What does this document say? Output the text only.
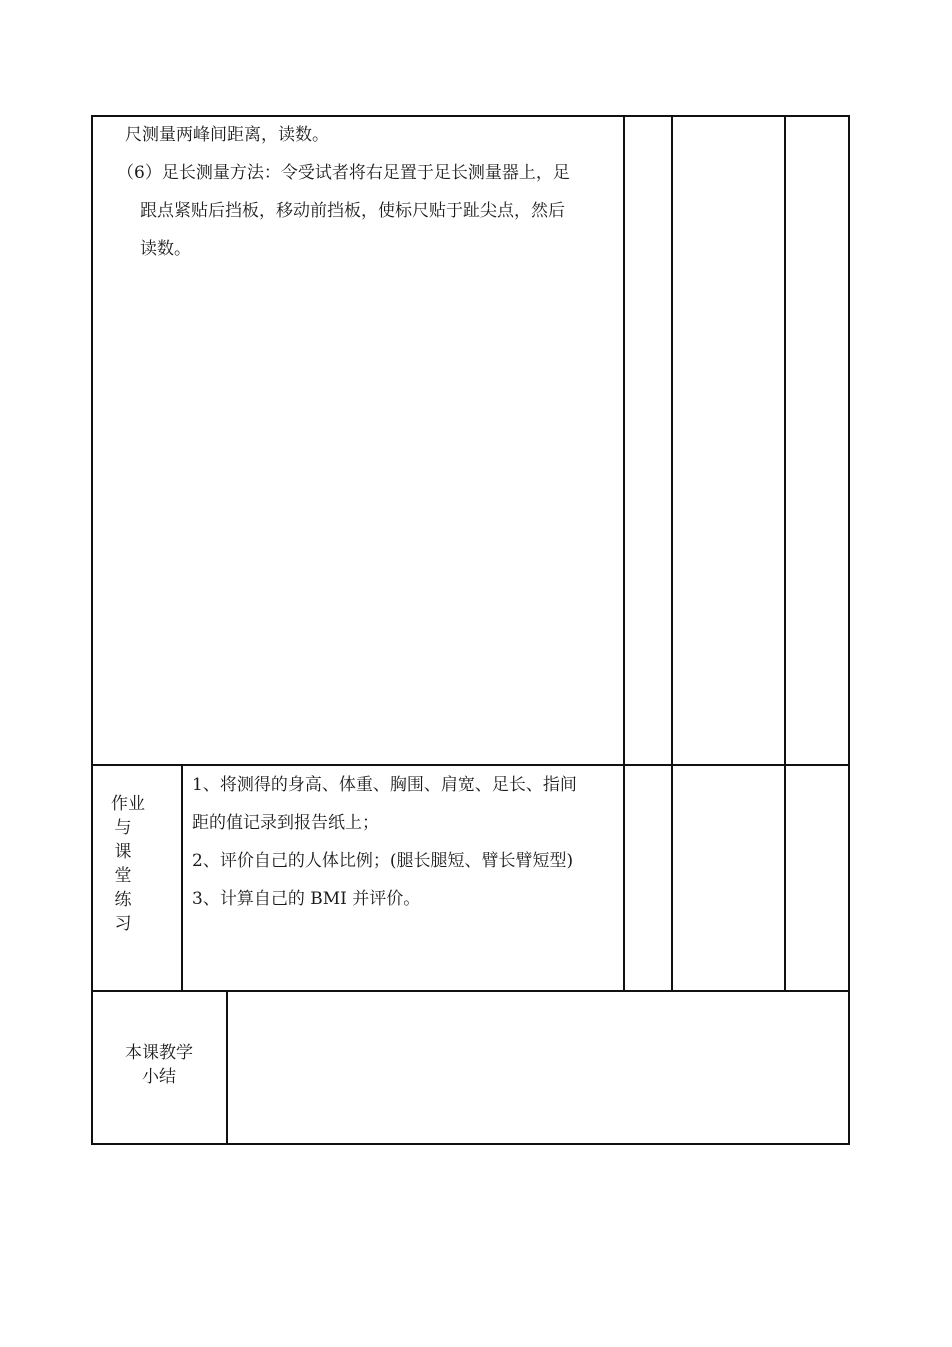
尺测量两峰间距离，读数。
（6）足长测量方法：令受试者将右足置于足长测量器上，足
跟点紧贴后挡板，移动前挡板，使标尺贴于趾尖点，然后
读数。
作业
与
课
堂
练
习
1、将测得的身高、体重、胸围、肩宽、足长、指间
距的值记录到报告纸上；
2、评价自己的人体比例；(腿长腿短、臂长臂短型)
3、计算自己的 BMI 并评价。
本课教学
小结
